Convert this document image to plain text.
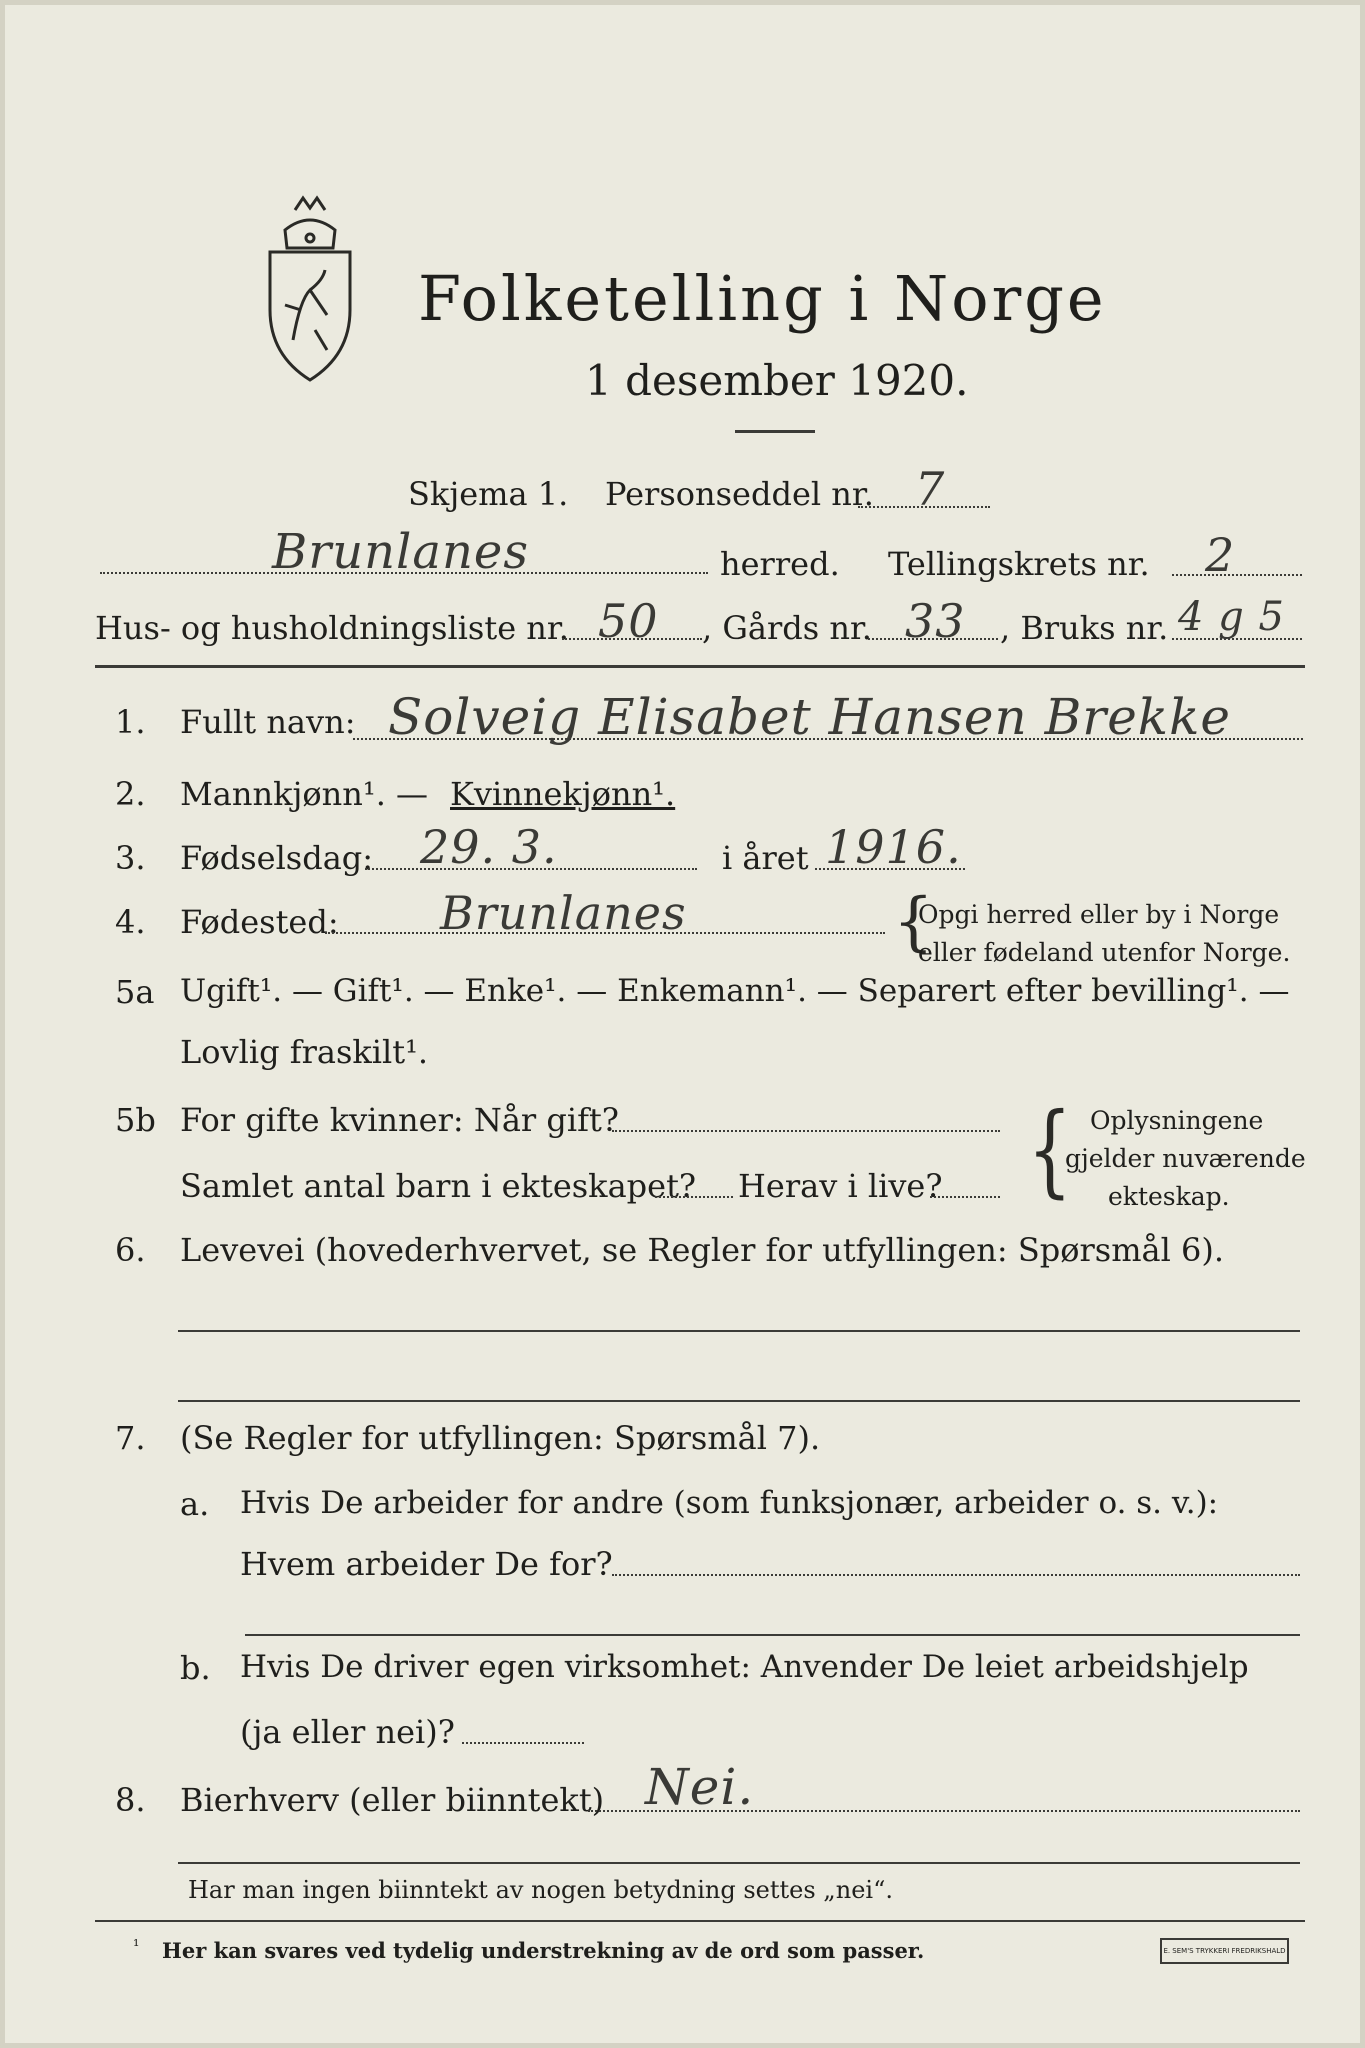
Folketelling i Norge
1 desember 1920.
Skjema 1. Personseddel nr. 7
Brunlanes	herred. Tellingskrets nr. 2
Hus- og husholdningsliste nr. 50 , Gårds nr. 33 , Bruks nr. 4 g 5
1. Fullt navn: Solveig Elisabet Hansen Brekke
2. Mannkjønn¹. — Kvinnekjønn¹.
3. Fødselsdag: 29. 3.	i året 1916.
4. Fødested: Brunlanes	{
Opgi herred eller by i Norge
eller fødeland utenfor Norge.
5a Ugift¹. — Gift¹. — Enke¹. — Enkemann¹. — Separert efter bevilling¹. —
Lovlig fraskilt¹.
5b For gifte kvinner: Når gift?
Samlet antal barn i ekteskapet? Herav i live? { Oplysningene
gjelder nuværende
ekteskap.
6. Levevei (hovederhvervet, se Regler for utfyllingen: Spørsmål 6).
7. (Se Regler for utfyllingen: Spørsmål 7).
a. Hvis De arbeider for andre (som funksjonær, arbeider o. s. v.):
Hvem arbeider De for?
b. Hvis De driver egen virksomhet: Anvender De leiet arbeidshjelp
(ja eller nei)?
8. Bierhverv (eller biinntekt) Nei.
Har man ingen biinntekt av nogen betydning settes „nei“.
¹ Her kan svares ved tydelig understrekning av de ord som passer.	E. SEM'S TRYKKERI FREDRIKSHALD
